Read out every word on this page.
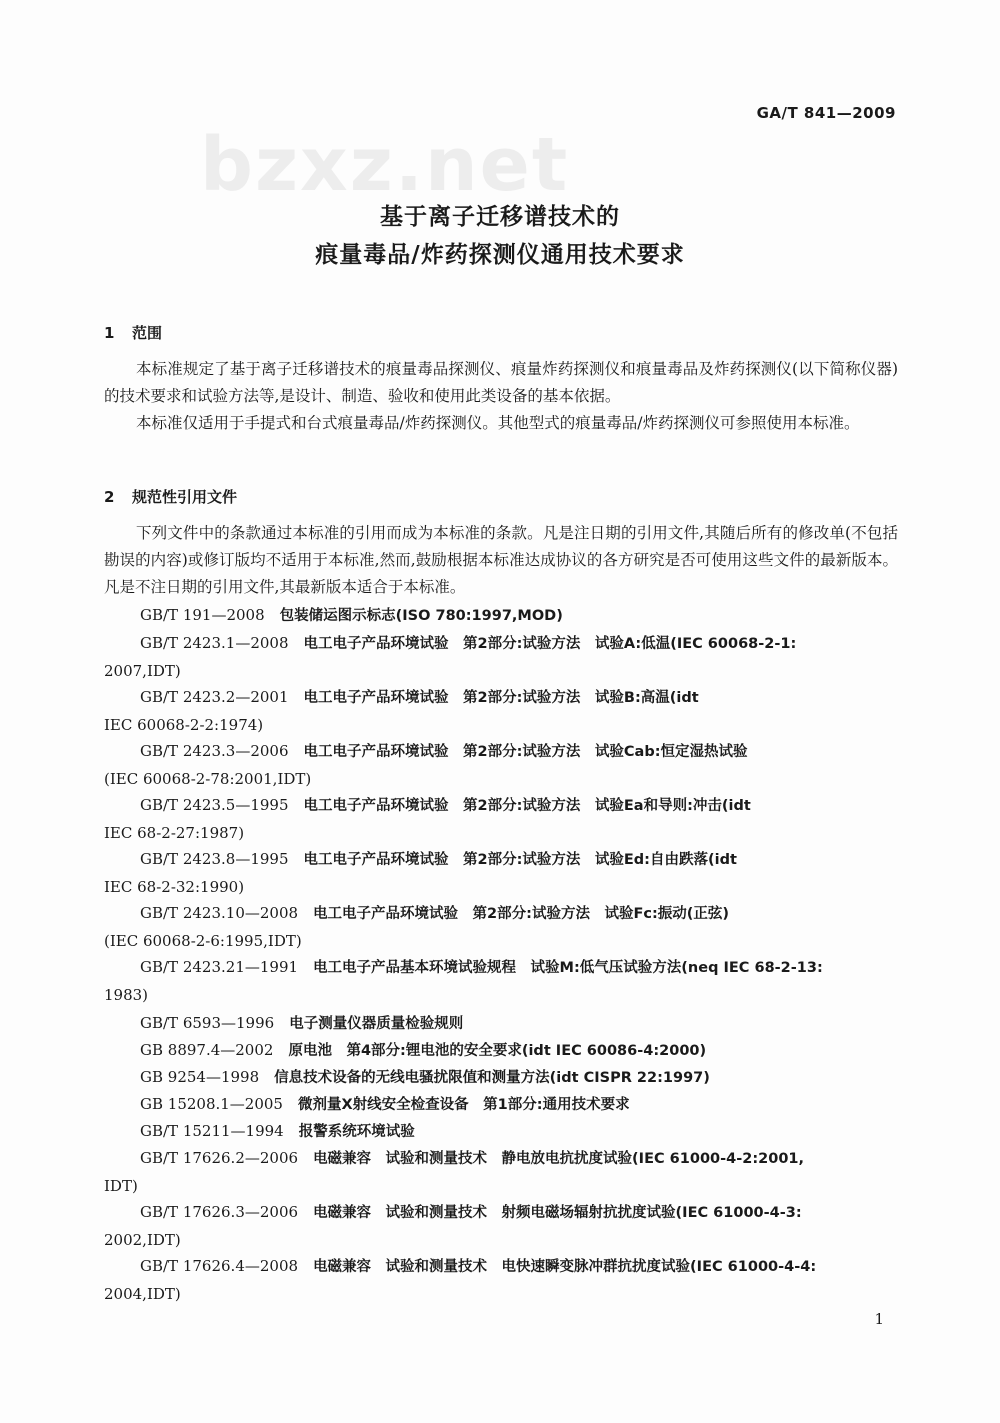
GA/T 841—2009
bzxz.net
基于离子迁移谱技术的
痕量毒品/炸药探测仪通用技术要求
1 范围
本标准规定了基于离子迁移谱技术的痕量毒品探测仪、痕量炸药探测仪和痕量毒品及炸药探测仪(以下简称仪器)的技术要求和试验方法等,是设计、制造、验收和使用此类设备的基本依据。
本标准仅适用于手提式和台式痕量毒品/炸药探测仪。其他型式的痕量毒品/炸药探测仪可参照使用本标准。
2 规范性引用文件
下列文件中的条款通过本标准的引用而成为本标准的条款。凡是注日期的引用文件,其随后所有的修改单(不包括勘误的内容)或修订版均不适用于本标准,然而,鼓励根据本标准达成协议的各方研究是否可使用这些文件的最新版本。凡是不注日期的引用文件,其最新版本适合于本标准。
GB/T 191—2008　 包装储运图示标志(ISO 780:1997,MOD)
GB/T 2423.1—2008　 电工电子产品环境试验　第2部分:试验方法　试验A:低温(IEC 60068-2-1:
2007,IDT)
GB/T 2423.2—2001　 电工电子产品环境试验　第2部分:试验方法　试验B:高温(idt
IEC 60068-2-2:1974)
GB/T 2423.3—2006　 电工电子产品环境试验　第2部分:试验方法　试验Cab:恒定湿热试验
(IEC 60068-2-78:2001,IDT)
GB/T 2423.5—1995　 电工电子产品环境试验　第2部分:试验方法　试验Ea和导则:冲击(idt
IEC 68-2-27:1987)
GB/T 2423.8—1995　 电工电子产品环境试验　第2部分:试验方法　试验Ed:自由跌落(idt
IEC 68-2-32:1990)
GB/T 2423.10—2008　 电工电子产品环境试验　第2部分:试验方法　试验Fc:振动(正弦)
(IEC 60068-2-6:1995,IDT)
GB/T 2423.21—1991　 电工电子产品基本环境试验规程　试验M:低气压试验方法(neq IEC 68-2-13:
1983)
GB/T 6593—1996　 电子测量仪器质量检验规则
GB 8897.4—2002　 原电池　第4部分:锂电池的安全要求(idt IEC 60086-4:2000)
GB 9254—1998　 信息技术设备的无线电骚扰限值和测量方法(idt CISPR 22:1997)
GB 15208.1—2005　 微剂量X射线安全检查设备　第1部分:通用技术要求
GB/T 15211—1994　 报警系统环境试验
GB/T 17626.2—2006　 电磁兼容　试验和测量技术　静电放电抗扰度试验(IEC 61000-4-2:2001,
IDT)
GB/T 17626.3—2006　 电磁兼容　试验和测量技术　射频电磁场辐射抗扰度试验(IEC 61000-4-3:
2002,IDT)
GB/T 17626.4—2008　 电磁兼容　试验和测量技术　电快速瞬变脉冲群抗扰度试验(IEC 61000-4-4:
2004,IDT)
1
